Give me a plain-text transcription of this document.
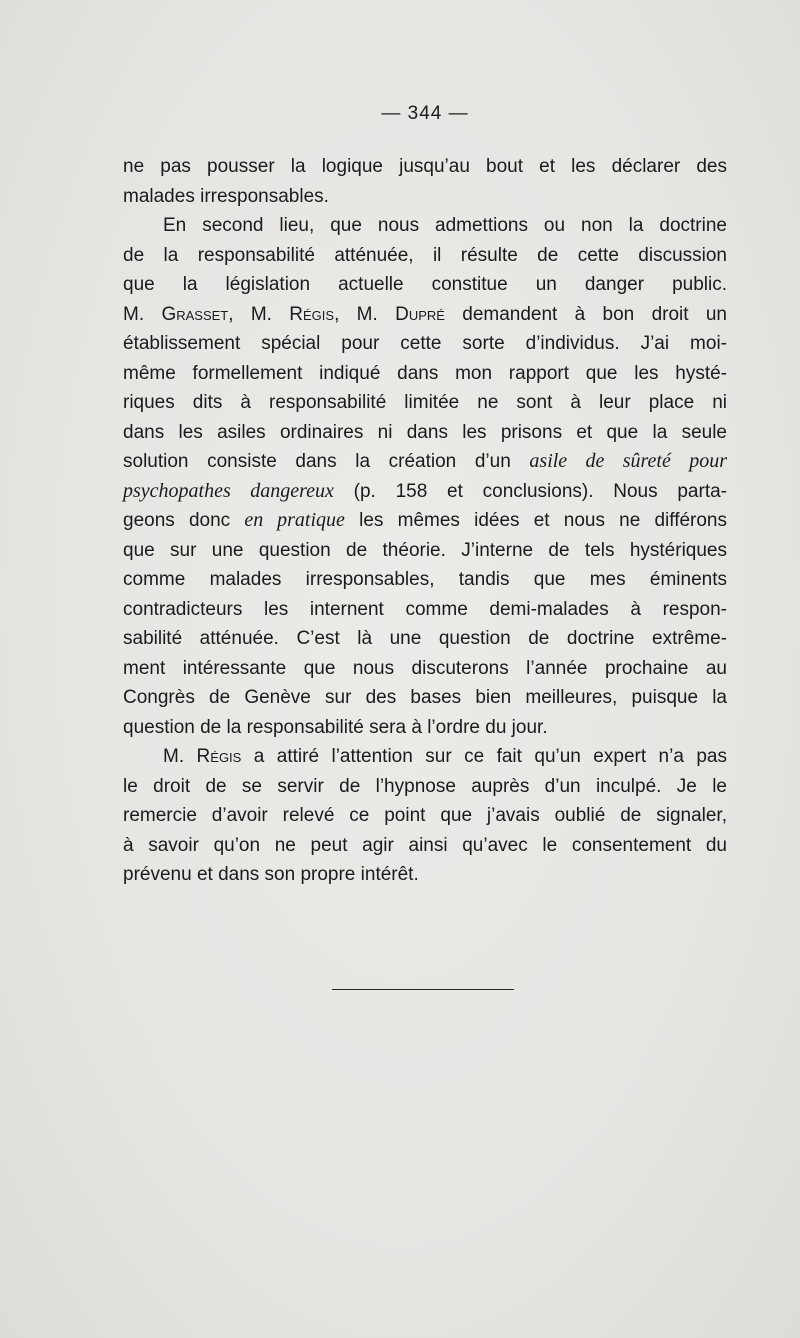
— 344 —

ne pas pousser la logique jusqu’au bout et les déclarer des
malades irresponsables.

En second lieu, que nous admettions ou non la doctrine
de la responsabilité atténuée, il résulte de cette discussion
que la législation actuelle constitue un danger public.
M. Grasset, M. Régis, M. Dupré demandent à bon droit un
établissement spécial pour cette sorte d’individus. J’ai moi-
même formellement indiqué dans mon rapport que les hysté-
riques dits à responsabilité limitée ne sont à leur place ni
dans les asiles ordinaires ni dans les prisons et que la seule
solution consiste dans la création d’un asile de sûreté pour
psychopathes dangereux (p. 158 et conclusions). Nous parta-
geons donc en pratique les mêmes idées et nous ne différons
que sur une question de théorie. J’interne de tels hystériques
comme malades irresponsables, tandis que mes éminents
contradicteurs les internent comme demi-malades à respon-
sabilité atténuée. C’est là une question de doctrine extrême-
ment intéressante que nous discuterons l’année prochaine au
Congrès de Genève sur des bases bien meilleures, puisque la
question de la responsabilité sera à l’ordre du jour.

M. Régis a attiré l’attention sur ce fait qu’un expert n’a pas
le droit de se servir de l’hypnose auprès d’un inculpé. Je le
remercie d’avoir relevé ce point que j’avais oublié de signaler,
à savoir qu’on ne peut agir ainsi qu’avec le consentement du
prévenu et dans son propre intérêt.
